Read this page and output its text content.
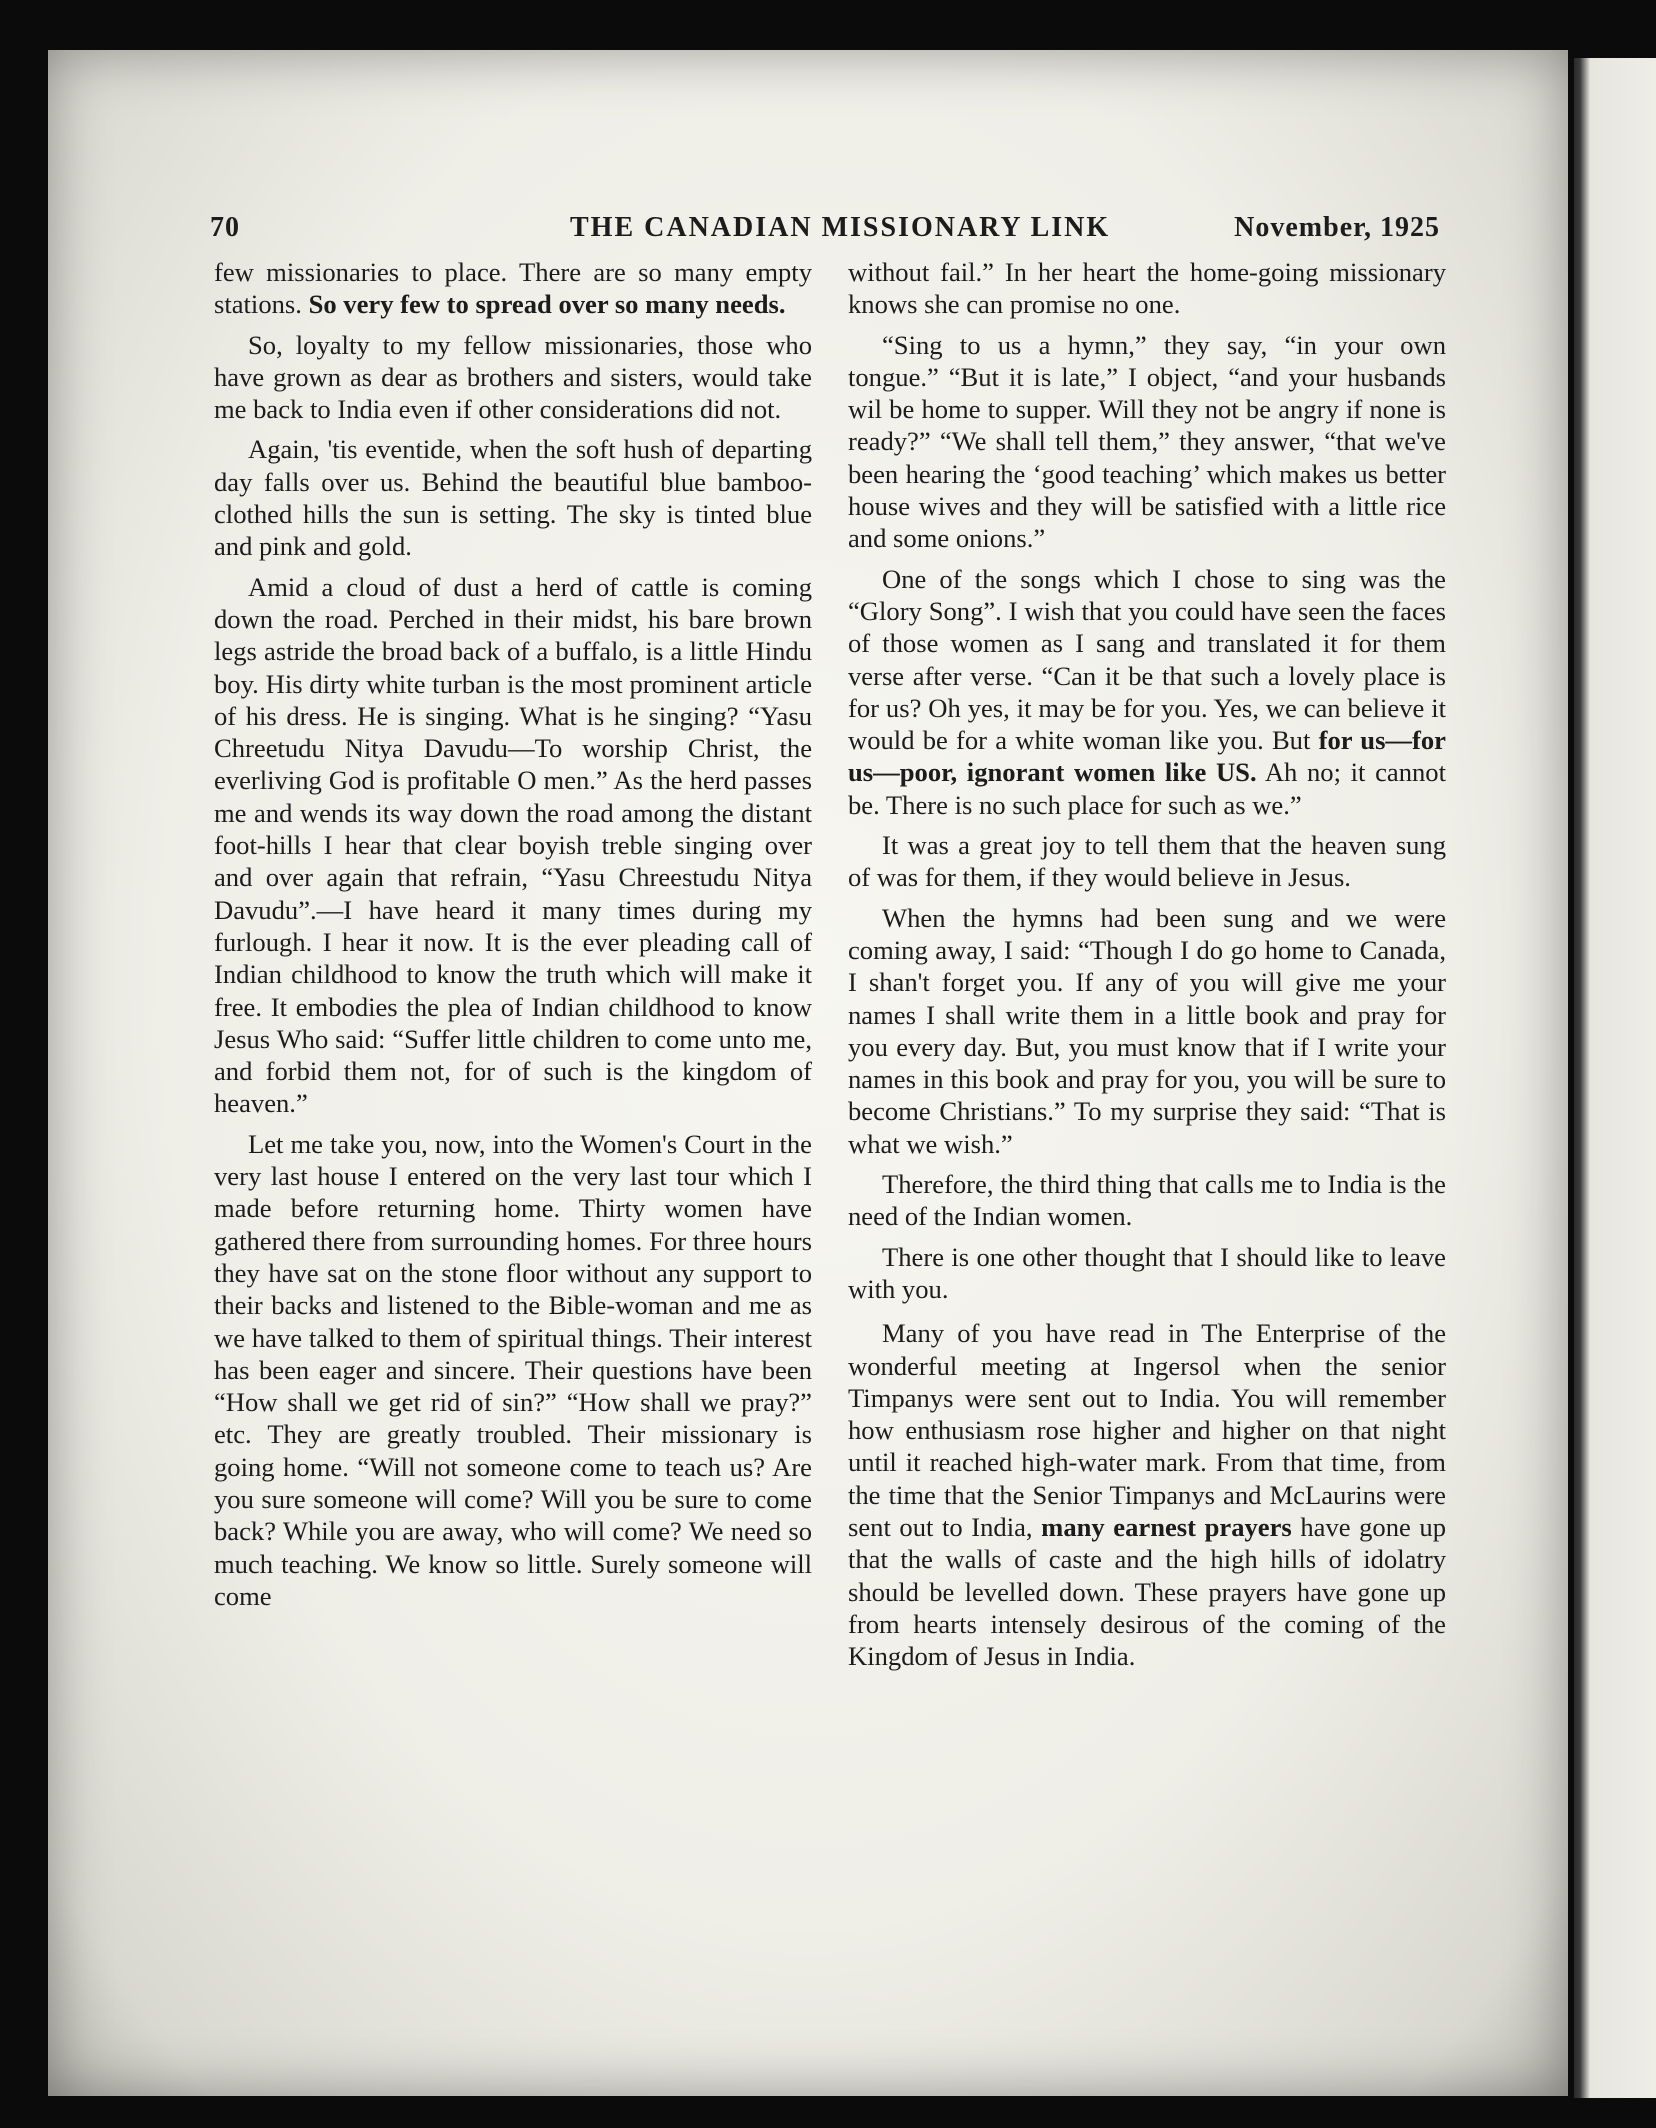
70	THE CANADIAN MISSIONARY LINK	November, 1925

few missionaries to place. There are so many empty stations. So very few to spread over so many needs.

So, loyalty to my fellow missionaries, those who have grown as dear as brothers and sisters, would take me back to India even if other considerations did not.

Again, 'tis eventide, when the soft hush of departing day falls over us. Behind the beautiful blue bamboo-clothed hills the sun is setting. The sky is tinted blue and pink and gold.

Amid a cloud of dust a herd of cattle is coming down the road. Perched in their midst, his bare brown legs astride the broad back of a buffalo, is a little Hindu boy. His dirty white turban is the most prominent article of his dress. He is singing. What is he singing? “Yasu Chreetudu Nitya Davudu—To worship Christ, the everliving God is profitable O men.” As the herd passes me and wends its way down the road among the distant foot-hills I hear that clear boyish treble singing over and over again that refrain, “Yasu Chreestudu Nitya Davudu”.—I have heard it many times during my furlough. I hear it now. It is the ever pleading call of Indian childhood to know the truth which will make it free. It embodies the plea of Indian childhood to know Jesus Who said: “Suffer little children to come unto me, and forbid them not, for of such is the kingdom of heaven.”

Let me take you, now, into the Women's Court in the very last house I entered on the very last tour which I made before returning home. Thirty women have gathered there from surrounding homes. For three hours they have sat on the stone floor without any support to their backs and listened to the Bible-woman and me as we have talked to them of spiritual things. Their interest has been eager and sincere. Their questions have been “How shall we get rid of sin?” “How shall we pray?” etc. They are greatly troubled. Their missionary is going home. “Will not someone come to teach us? Are you sure someone will come? Will you be sure to come back? While you are away, who will come? We need so much teaching. We know so little. Surely someone will come

without fail.” In her heart the home-going missionary knows she can promise no one.

“Sing to us a hymn,” they say, “in your own tongue.” “But it is late,” I object, “and your husbands wil be home to supper. Will they not be angry if none is ready?” “We shall tell them,” they answer, “that we've been hearing the ‘good teaching’ which makes us better house wives and they will be satisfied with a little rice and some onions.”

One of the songs which I chose to sing was the “Glory Song”. I wish that you could have seen the faces of those women as I sang and translated it for them verse after verse. “Can it be that such a lovely place is for us? Oh yes, it may be for you. Yes, we can believe it would be for a white woman like you. But for us—for us—poor, ignorant women like US. Ah no; it cannot be. There is no such place for such as we.”

It was a great joy to tell them that the heaven sung of was for them, if they would believe in Jesus.

When the hymns had been sung and we were coming away, I said: “Though I do go home to Canada, I shan't forget you. If any of you will give me your names I shall write them in a little book and pray for you every day. But, you must know that if I write your names in this book and pray for you, you will be sure to become Christians.” To my surprise they said: “That is what we wish.”

Therefore, the third thing that calls me to India is the need of the Indian women.

There is one other thought that I should like to leave with you.

Many of you have read in The Enterprise of the wonderful meeting at Ingersol when the senior Timpanys were sent out to India. You will remember how enthusiasm rose higher and higher on that night until it reached high-water mark. From that time, from the time that the Senior Timpanys and McLaurins were sent out to India, many earnest prayers have gone up that the walls of caste and the high hills of idolatry should be levelled down. These prayers have gone up from hearts intensely desirous of the coming of the Kingdom of Jesus in India.
